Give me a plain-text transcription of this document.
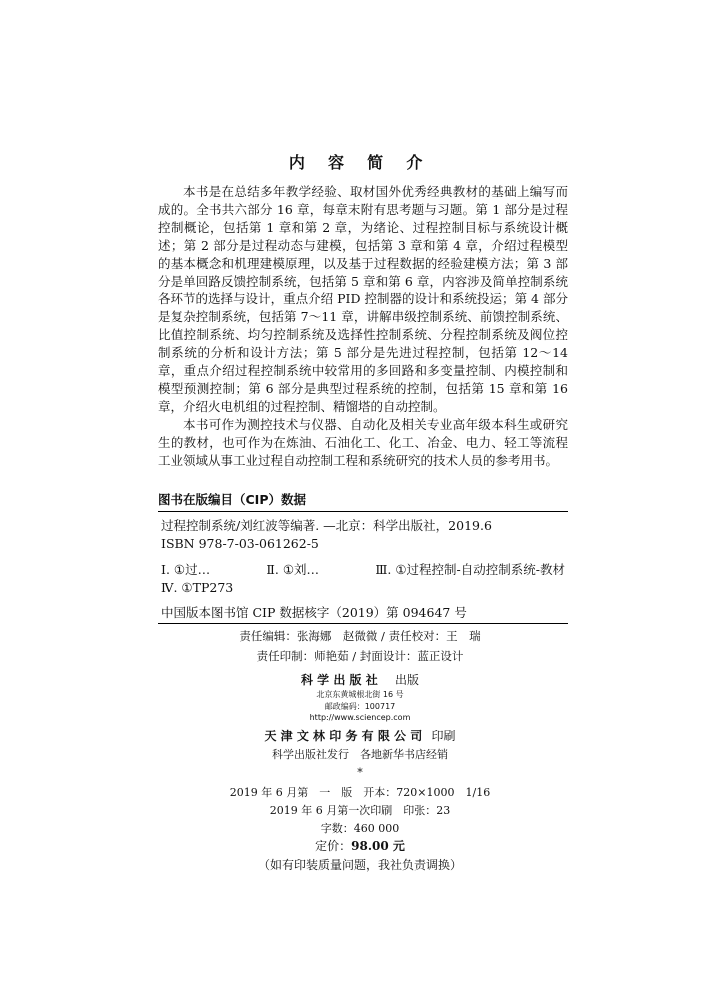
内 容 简 介

本书是在总结多年教学经验、取材国外优秀经典教材的基础上编写而成的。全书共六部分 16 章，每章末附有思考题与习题。第 1 部分是过程控制概论，包括第 1 章和第 2 章，为绪论、过程控制目标与系统设计概述；第 2 部分是过程动态与建模，包括第 3 章和第 4 章，介绍过程模型的基本概念和机理建模原理，以及基于过程数据的经验建模方法；第 3 部分是单回路反馈控制系统，包括第 5 章和第 6 章，内容涉及简单控制系统各环节的选择与设计，重点介绍 PID 控制器的设计和系统投运；第 4 部分是复杂控制系统，包括第 7～11 章，讲解串级控制系统、前馈控制系统、比值控制系统、均匀控制系统及选择性控制系统、分程控制系统及阀位控制系统的分析和设计方法；第 5 部分是先进过程控制，包括第 12～14 章，重点介绍过程控制系统中较常用的多回路和多变量控制、内模控制和模型预测控制；第 6 部分是典型过程系统的控制，包括第 15 章和第 16 章，介绍火电机组的过程控制、精馏塔的自动控制。

本书可作为测控技术与仪器、自动化及相关专业高年级本科生或研究生的教材，也可作为在炼油、石油化工、化工、冶金、电力、轻工等流程工业领域从事工业过程自动控制工程和系统研究的技术人员的参考用书。

图书在版编目（CIP）数据
过程控制系统/刘红波等编著. —北京：科学出版社，2019.6
ISBN 978-7-03-061262-5
Ⅰ. ①过…	Ⅱ. ①刘…	Ⅲ. ①过程控制-自动控制系统-教材
Ⅳ. ①TP273
中国版本图书馆 CIP 数据核字（2019）第 094647 号
责任编辑：张海娜　赵微微 / 责任校对：王　瑞
责任印制：师艳茹 / 封面设计：蓝正设计
科学出版社 出版
北京东黄城根北街 16 号
邮政编码：100717
http://www.sciencep.com
天津文林印务有限公司 印刷
科学出版社发行　各地新华书店经销
*
2019 年 6 月第　一　版　开本：720×1000　1/16
2019 年 6 月第一次印刷　印张：23
字数：460 000
定价：98.00 元
（如有印装质量问题，我社负责调换）
